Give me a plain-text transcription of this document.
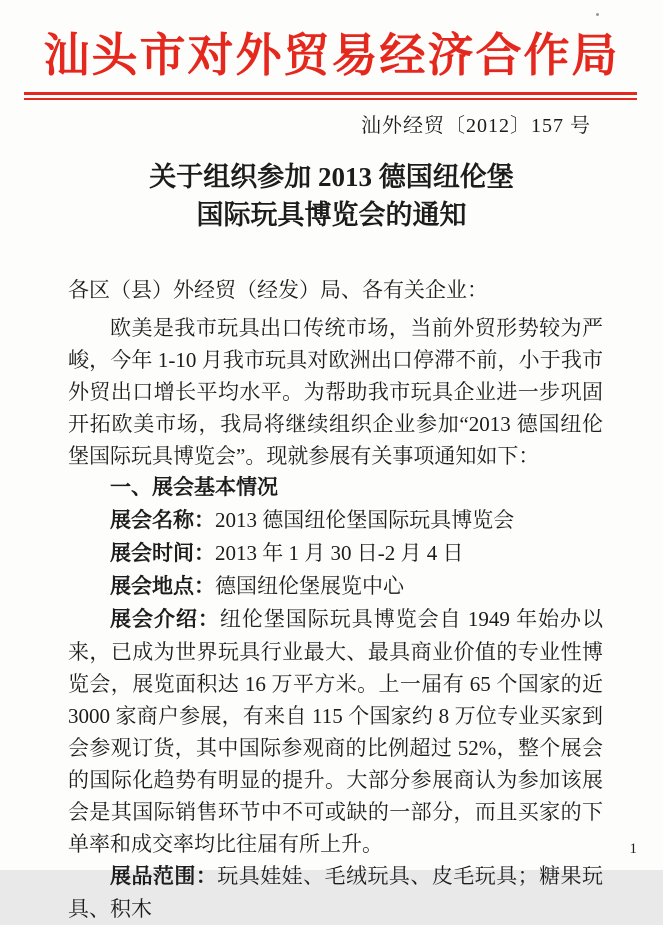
汕头市对外贸易经济合作局
汕外经贸〔2012〕157 号
关于组织参加 2013 德国纽伦堡
国际玩具博览会的通知
各区（县）外经贸（经发）局、各有关企业：

欧美是我市玩具出口传统市场，当前外贸形势较为严峻，今年 1-10 月我市玩具对欧洲出口停滞不前，小于我市外贸出口增长平均水平。为帮助我市玩具企业进一步巩固开拓欧美市场，我局将继续组织企业参加“2013 德国纽伦堡国际玩具博览会”。现就参展有关事项通知如下：

一、展会基本情况

展会名称：2013 德国纽伦堡国际玩具博览会

展会时间：2013 年 1 月 30 日-2 月 4 日

展会地点：德国纽伦堡展览中心

展会介绍：纽伦堡国际玩具博览会自 1949 年始办以来，已成为世界玩具行业最大、最具商业价值的专业性博览会，展览面积达 16 万平方米。上一届有 65 个国家的近 3000 家商户参展，有来自 115 个国家约 8 万位专业买家到会参观订货，其中国际参观商的比例超过 52%，整个展会的国际化趋势有明显的提升。大部分参展商认为参加该展会是其国际销售环节中不可或缺的一部分，而且买家的下单率和成交率均比往届有所上升。

展品范围：玩具娃娃、毛绒玩具、皮毛玩具；糖果玩具、积木

1
